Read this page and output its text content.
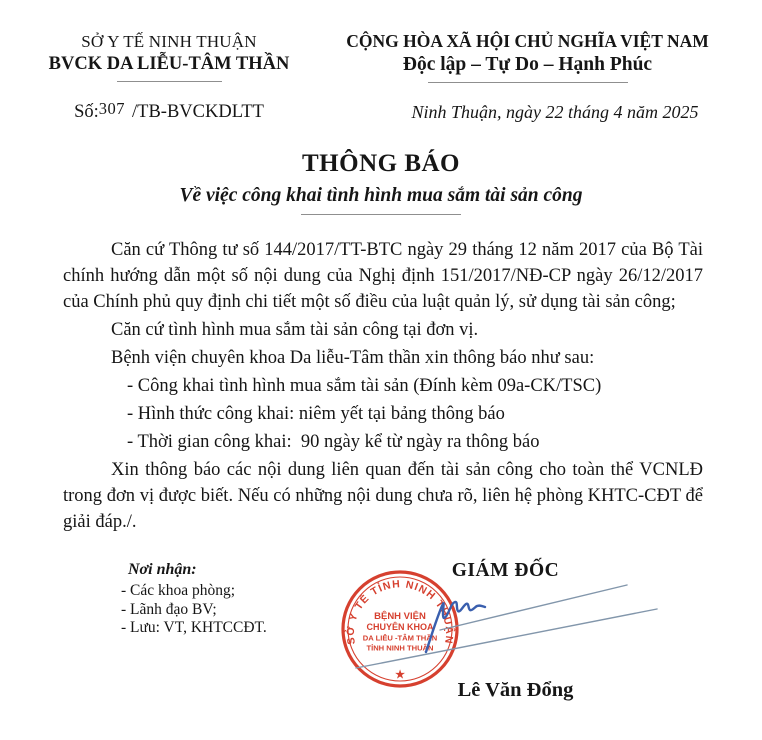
SỞ Y TẾ NINH THUẬN
BVCK DA LIỄU-TÂM THẦN
CỘNG HÒA XÃ HỘI CHỦ NGHĨA VIỆT NAM
Độc lập – Tự Do – Hạnh Phúc
Số:307 /TB-BVCKDLTT	Ninh Thuận, ngày 22 tháng 4 năm 2025
THÔNG BÁO
Về việc công khai tình hình mua sắm tài sản công

Căn cứ Thông tư số 144/2017/TT-BTC ngày 29 tháng 12 năm 2017 của Bộ Tài chính hướng dẫn một số nội dung của Nghị định 151/2017/NĐ-CP ngày 26/12/2017 của Chính phủ quy định chi tiết một số điều của luật quản lý, sử dụng tài sản công;

Căn cứ tình hình mua sắm tài sản công tại đơn vị.

Bệnh viện chuyên khoa Da liễu-Tâm thần xin thông báo như sau:

- Công khai tình hình mua sắm tài sản (Đính kèm 09a-CK/TSC)

- Hình thức công khai: niêm yết tại bảng thông báo

- Thời gian công khai:  90 ngày kể từ ngày ra thông báo

Xin thông báo các nội dung liên quan đến tài sản công cho toàn thể VCNLĐ trong đơn vị được biết. Nếu có những nội dung chưa rõ, liên hệ phòng KHTC-CĐT để giải đáp./.

Nơi nhận:
- Các khoa phòng;
- Lãnh đạo BV;
- Lưu: VT, KHTCCĐT.
GIÁM ĐỐC
SỞ Y TẾ TỈNH NINH THUẬN
BỆNH VIỆN
CHUYÊN KHOA
DA LIỄU -TÂM THẦN
TỈNH NINH THUẬN
★
Lê Văn Đổng
